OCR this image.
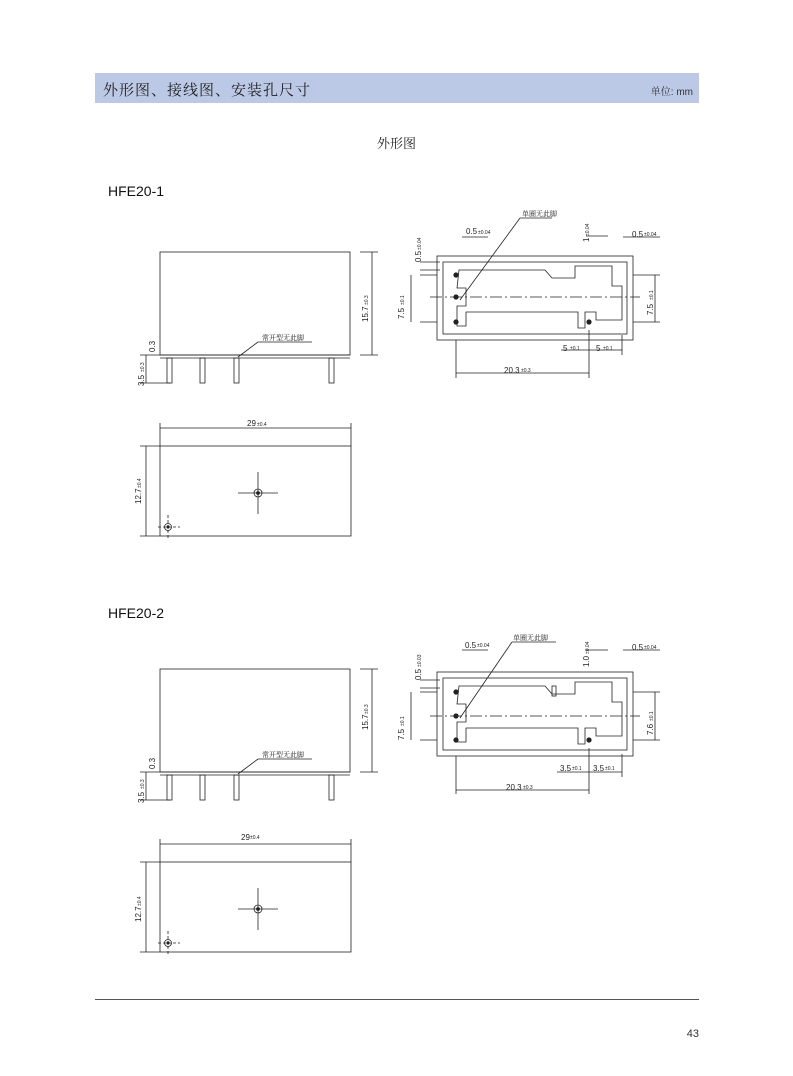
外形图、接线图、安装孔尺寸	单位: mm
外形图
HFE20-1
HFE20-2
15.7
±0.3
0.3
3.5
±0.3
常开型无此脚
29 ±0.4
12.7
±0.4
单圈无此脚
0.5 ±0.04
0.5
±0.04	1
±0.04	0.5 ±0.04
7.5
±0.1
7.5
±0.1
5 ±0.1 5 ±0.1
20.3 ±0.3
15.7
±0.3
0.3
3.5
±0.3
常开型无此脚
29 ±0.4
12.7
±0.4
单圈无此脚
0.5 ±0.04
0.5
±0.03	1.0
±0.04	0.5 ±0.04
7.5
±0.1
7.6
±0.1
3.5 ±0.1 3.5 ±0.1
20.3 ±0.3
43
